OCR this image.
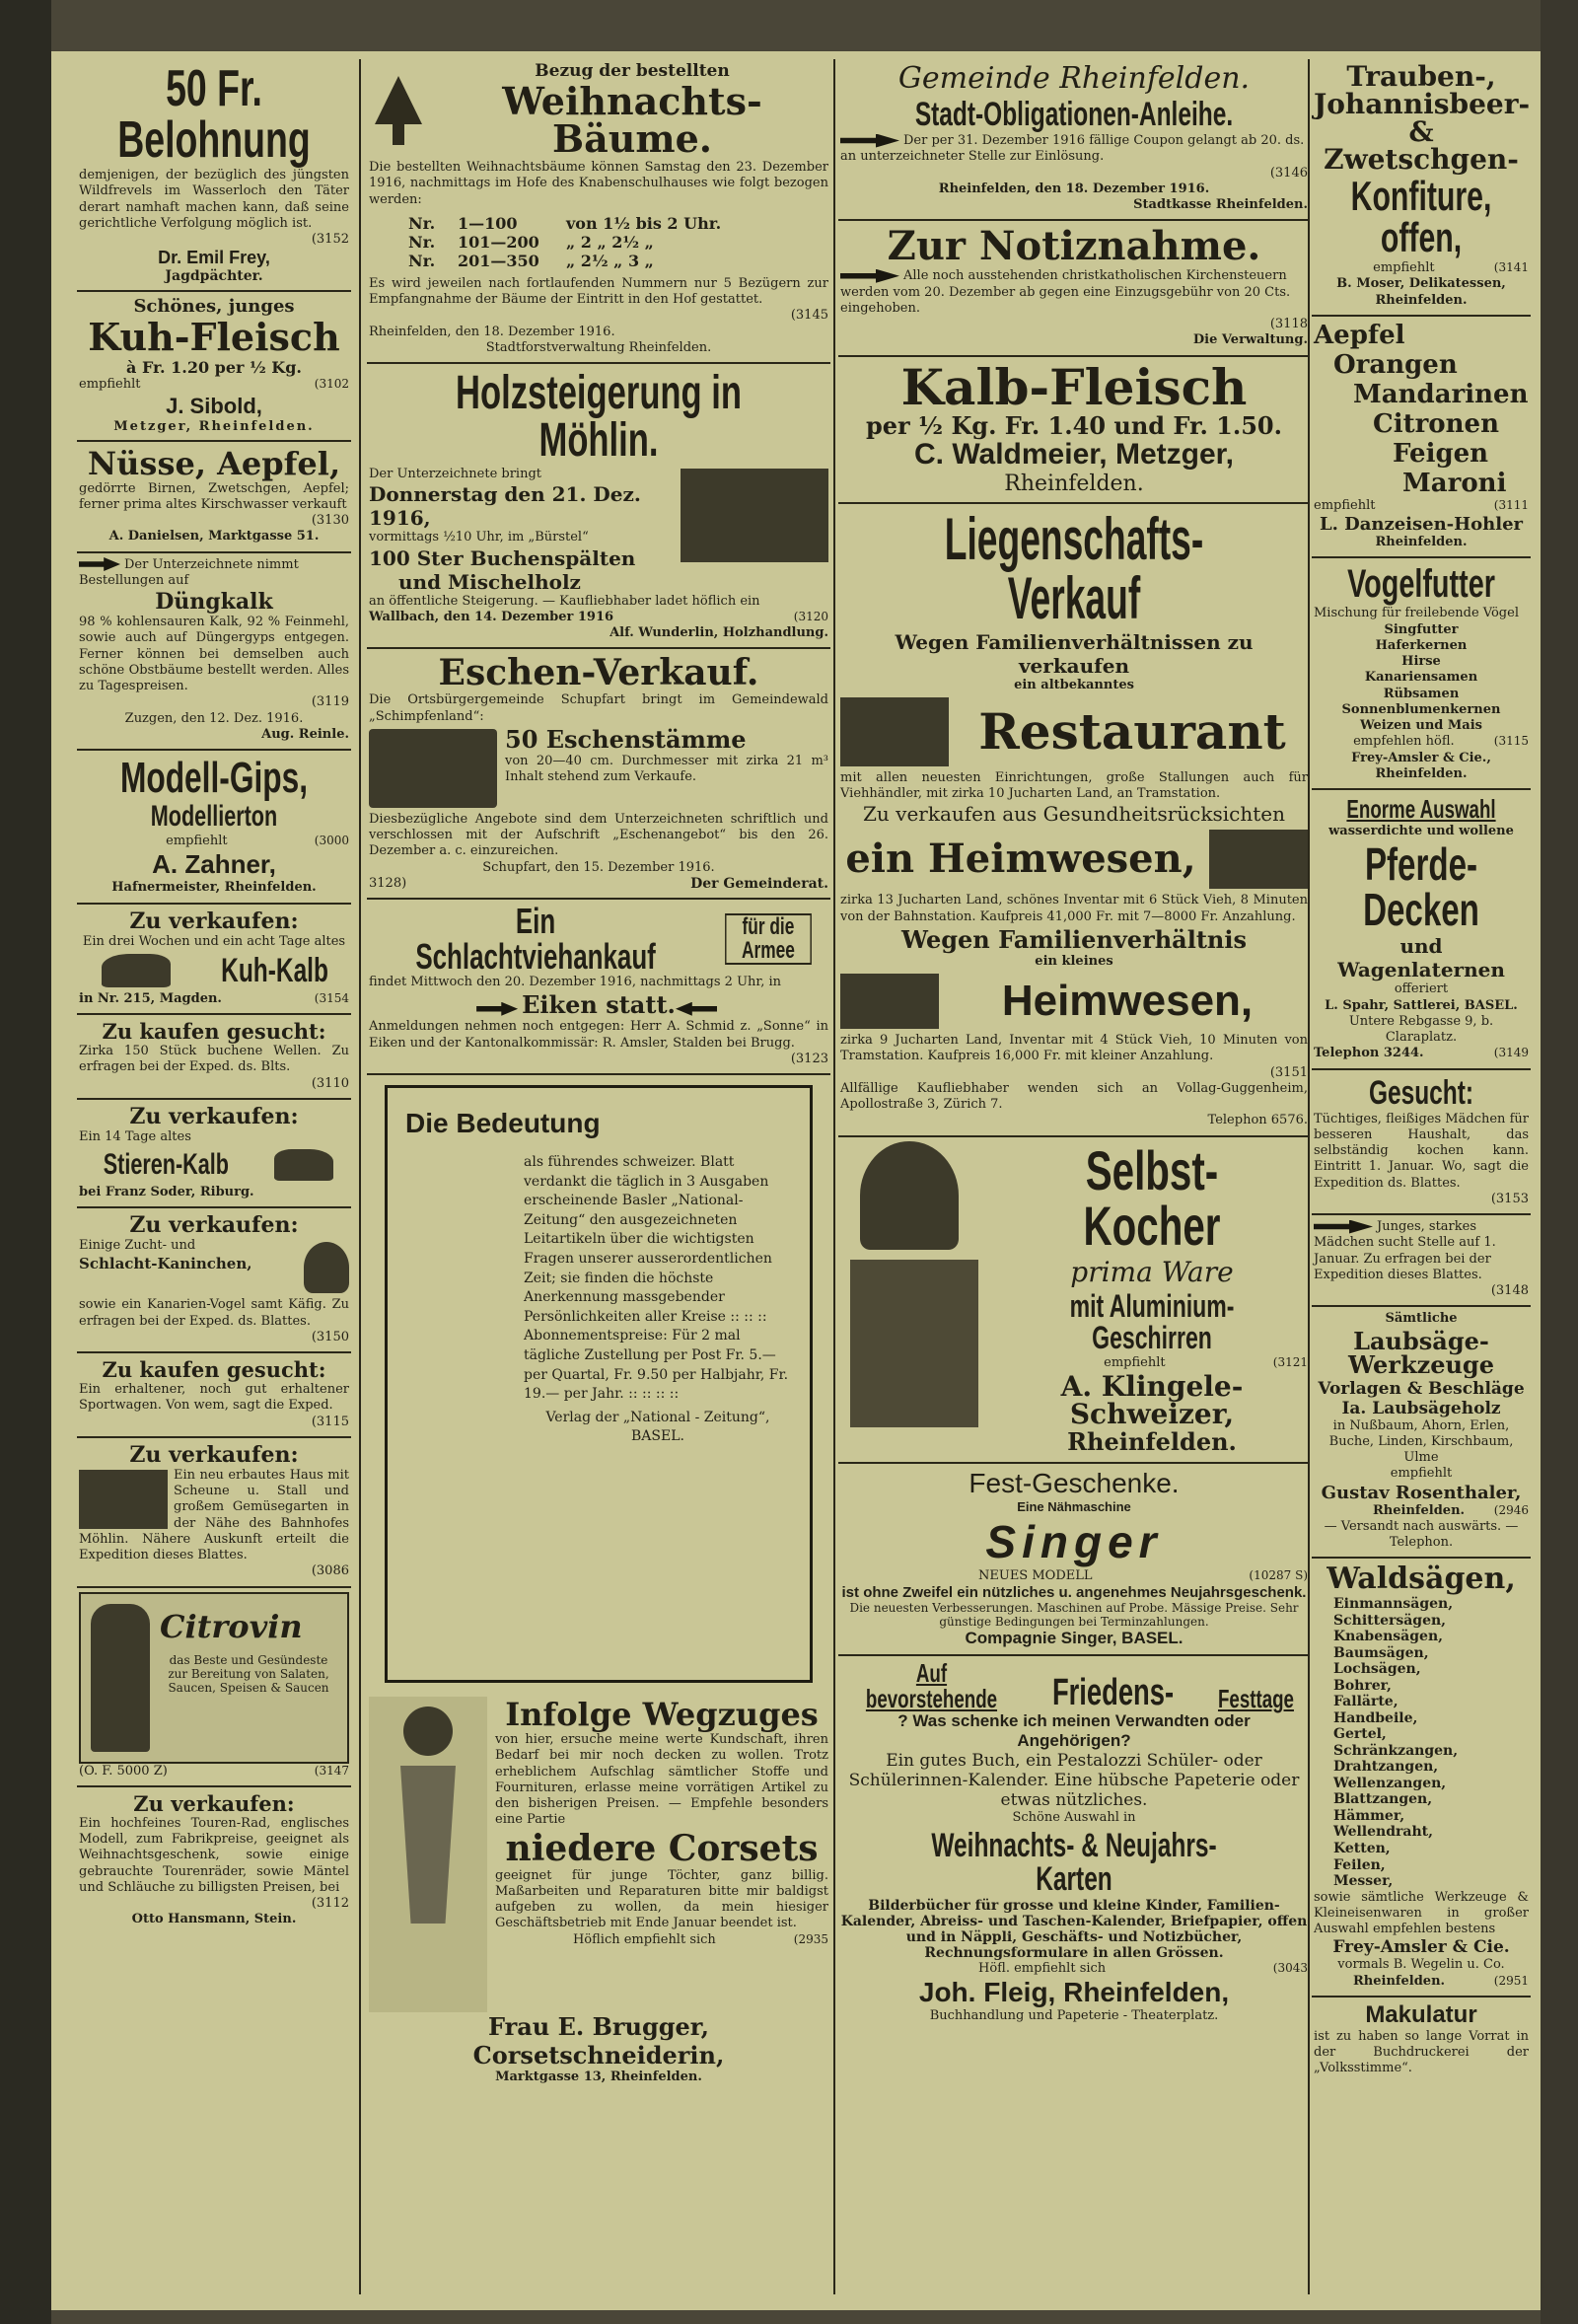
50 Fr. Belohnung

demjenigen, der bezüglich des jüngsten Wildfrevels im Wasserloch den Täter derart namhaft machen kann, daß seine gerichtliche Verfolgung möglich ist.

(3152
Dr. Emil Frey,
Jagdpächter.
Schönes, junges
Kuh-Fleisch
à Fr. 1.20 per ½ Kg.
empfiehlt	(3102
J. Sibold,
Metzger, Rheinfelden.
Nüsse, Aepfel,

gedörrte Birnen, Zwetschgen, Aepfel; ferner prima altes Kirschwasser verkauft

(3130
A. Danielsen, Marktgasse 51.
Der Unterzeichnete nimmt Bestellungen auf
Düngkalk

98 % kohlensauren Kalk, 92 % Feinmehl, sowie auch auf Düngergyps entgegen. Ferner können bei demselben auch schöne Obstbäume bestellt werden. Alles zu Tagespreisen.

(3119
Zuzgen, den 12. Dez. 1916.
Aug. Reinle.
Modell-Gips,
Modellierton
empfiehlt	(3000
A. Zahner,
Hafnermeister, Rheinfelden.
Zu verkaufen:
Ein drei Wochen und ein acht Tage altes
Kuh-Kalb
in Nr. 215, Magden.	(3154
Zu kaufen gesucht:

Zirka 150 Stück buchene Wellen. Zu erfragen bei der Exped. ds. Blts.

(3110
Zu verkaufen:
Ein 14 Tage altes
Stieren-Kalb
bei Franz Soder, Riburg.
Zu verkaufen:
Einige Zucht- und
Schlacht-Kaninchen,

sowie ein Kanarien-Vogel samt Käfig. Zu erfragen bei der Exped. ds. Blattes.

(3150
Zu kaufen gesucht:

Ein erhaltener, noch gut erhaltener Sportwagen. Von wem, sagt die Exped.

(3115
Zu verkaufen:

Ein neu erbautes Haus mit Scheune u. Stall und großem Gemüsegarten in der Nähe des Bahnhofes Möhlin. Nähere Auskunft erteilt die Expedition dieses Blattes.

(3086
Citrovin
das Beste und Gesündeste zur Bereitung von Salaten, Saucen, Speisen & Saucen
(O. F. 5000 Z)	(3147
Zu verkaufen:

Ein hochfeines Touren-Rad, englisches Modell, zum Fabrikpreise, geeignet als Weihnachtsgeschenk, sowie einige gebrauchte Tourenräder, sowie Mäntel und Schläuche zu billigsten Preisen, bei

(3112
Otto Hansmann, Stein.
Bezug der bestellten
Weihnachts-Bäume.

Die bestellten Weihnachtsbäume können Samstag den 23. Dezember 1916, nachmittags im Hofe des Knabenschulhauses wie folgt bezogen werden:

Nr. 1—100	von 1½ bis 2 Uhr.
Nr. 101—200 „ 2 „ 2½ „
Nr. 201—350 „ 2½ „ 3 „

Es wird jeweilen nach fortlaufenden Nummern nur 5 Bezügern zur Empfangnahme der Bäume der Eintritt in den Hof gestattet.

(3145
Rheinfelden, den 18. Dezember 1916.
Stadtforstverwaltung Rheinfelden.
Holzsteigerung in Möhlin.
Der Unterzeichnete bringt
Donnerstag den 21. Dez. 1916,
vormittags ½10 Uhr, im „Bürstel“
100 Ster Buchenspälten
und Mischelholz

an öffentliche Steigerung. — Kaufliebhaber ladet höflich ein

Wallbach, den 14. Dezember 1916	(3120
Alf. Wunderlin, Holzhandlung.
Eschen-Verkauf.

Die Ortsbürgergemeinde Schupfart bringt im Gemeindewald „Schimpfenland“:

50 Eschenstämme

von 20—40 cm. Durchmesser mit zirka 21 m³ Inhalt stehend zum Verkaufe.

Diesbezügliche Angebote sind dem Unterzeichneten schriftlich und verschlossen mit der Aufschrift „Eschenangebot“ bis den 26. Dezember a. c. einzureichen.

Schupfart, den 15. Dezember 1916.
3128)	Der Gemeinderat.
Ein Schlachtviehankauf
für die Armee

findet Mittwoch den 20. Dezember 1916, nachmittags 2 Uhr, in

Eiken statt.

Anmeldungen nehmen noch entgegen: Herr A. Schmid z. „Sonne“ in Eiken und der Kantonalkommissär: R. Amsler, Stalden bei Brugg.

(3123
Die Bedeutung

als führendes schweizer. Blatt verdankt die täglich in 3 Ausgaben erscheinende Basler „National-Zeitung“ den ausgezeichneten Leitartikeln über die wichtigsten Fragen unserer ausserordentlichen Zeit; sie finden die höchste Anerkennung massgebender Persönlichkeiten aller Kreise :: :: ::

Abonnementspreise: Für 2 mal tägliche Zustellung per Post Fr. 5.— per Quartal, Fr. 9.50 per Halbjahr, Fr. 19.— per Jahr. :: :: :: ::

Verlag der „National - Zeitung“, BASEL.

Infolge Wegzuges

von hier, ersuche meine werte Kundschaft, ihren Bedarf bei mir noch decken zu wollen. Trotz erheblichem Aufschlag sämtlicher Stoffe und Fournituren, erlasse meine vorrätigen Artikel zu den bisherigen Preisen. — Empfehle besonders eine Partie

niedere Corsets

geeignet für junge Töchter, ganz billig. Maßarbeiten und Reparaturen bitte mir baldigst aufgeben zu wollen, da mein hiesiger Geschäftsbetrieb mit Ende Januar beendet ist.

Höflich empfiehlt sich	(2935
Frau E. Brugger, Corsetschneiderin,
Marktgasse 13, Rheinfelden.
Gemeinde Rheinfelden.
Stadt-Obligationen-Anleihe.
Der per 31. Dezember 1916 fällige Coupon gelangt ab 20. ds. an unterzeichneter Stelle zur Einlösung.
(3146
Rheinfelden, den 18. Dezember 1916.
Stadtkasse Rheinfelden.
Zur Notiznahme.
Alle noch ausstehenden christkatholischen Kirchensteuern werden vom 20. Dezember ab gegen eine Einzugsgebühr von 20 Cts. eingehoben.
(3118
Die Verwaltung.
Kalb-Fleisch
per ½ Kg. Fr. 1.40 und Fr. 1.50.
C. Waldmeier, Metzger,
Rheinfelden.
Liegenschafts-Verkauf
Wegen Familienverhältnissen zu verkaufen
ein altbekanntes
Restaurant

mit allen neuesten Einrichtungen, große Stallungen auch für Viehhändler, mit zirka 10 Jucharten Land, an Tramstation.

Zu verkaufen aus Gesundheitsrücksichten
ein Heimwesen,

zirka 13 Jucharten Land, schönes Inventar mit 6 Stück Vieh, 8 Minuten von der Bahnstation. Kaufpreis 41,000 Fr. mit 7—8000 Fr. Anzahlung.

Wegen Familienverhältnis
ein kleines
Heimwesen,

zirka 9 Jucharten Land, Inventar mit 4 Stück Vieh, 10 Minuten von Tramstation. Kaufpreis 16,000 Fr. mit kleiner Anzahlung.

(3151

Allfällige Kaufliebhaber wenden sich an Vollag-Guggenheim, Apollostraße 3, Zürich 7.

Telephon 6576.
Selbst-Kocher
prima Ware
mit Aluminium-Geschirren
empfiehlt	(3121
A. Klingele-Schweizer,
Rheinfelden.
Fest-Geschenke.
Eine Nähmaschine
Singer
NEUES MODELL	(10287 S)
ist ohne Zweifel ein nützliches u. angenehmes Neujahrsgeschenk.
Die neuesten Verbesserungen. Maschinen auf Probe. Mässige Preise. Sehr günstige Bedingungen bei Terminzahlungen.
Compagnie Singer, BASEL.
Auf bevorstehende Friedens- Festtage
? Was schenke ich meinen Verwandten oder Angehörigen?
Ein gutes Buch, ein Pestalozzi Schüler- oder Schülerinnen-Kalender. Eine hübsche Papeterie oder etwas nützliches.
Schöne Auswahl in
Weihnachts- & Neujahrs-Karten
Bilderbücher für grosse und kleine Kinder, Familien-Kalender, Abreiss- und Taschen-Kalender, Briefpapier, offen und in Näppli, Geschäfts- und Notizbücher, Rechnungsformulare in allen Grössen.
Höfl. empfiehlt sich	(3043
Joh. Fleig, Rheinfelden,
Buchhandlung und Papeterie - Theaterplatz.
Trauben-, Johannisbeer- & Zwetschgen-
Konfiture, offen,
empfiehlt	(3141
B. Moser, Delikatessen,
Rheinfelden.
Aepfel
Orangen
Mandarinen
Citronen
Feigen
Maroni
empfiehlt	(3111
L. Danzeisen-Hohler
Rheinfelden.
Vogelfutter
Mischung für freilebende Vögel
Singfutter
Haferkernen
Hirse
Kanariensamen
Rübsamen
Sonnenblumenkernen
Weizen und Mais
empfehlen höfl.	(3115
Frey-Amsler & Cie.,
Rheinfelden.
Enorme Auswahl
wasserdichte und wollene
Pferde-Decken
und Wagenlaternen
offeriert
L. Spahr, Sattlerei, BASEL.
Untere Rebgasse 9, b. Claraplatz.
Telephon 3244.	(3149
Gesucht:

Tüchtiges, fleißiges Mädchen für besseren Haushalt, das selbständig kochen kann. Eintritt 1. Januar. Wo, sagt die Expedition ds. Blattes.

(3153
Junges, starkes Mädchen sucht Stelle auf 1. Januar. Zu erfragen bei der Expedition dieses Blattes.
(3148
Sämtliche
Laubsäge-Werkzeuge
Vorlagen & Beschläge
Ia. Laubsägeholz
in Nußbaum, Ahorn, Erlen, Buche, Linden, Kirschbaum, Ulme
empfiehlt
Gustav Rosenthaler,
Rheinfelden. (2946
— Versandt nach auswärts. —
Telephon.
Waldsägen,
Einmannsägen,
Schittersägen,
Knabensägen,
Baumsägen,
Lochsägen,
Bohrer,
Fallärte,
Handbeile,
Gertel,
Schränkzangen,
Drahtzangen,
Wellenzangen,
Blattzangen,
Hämmer,
Wellendraht,
Ketten,
Feilen,
Messer,

sowie sämtliche Werkzeuge & Kleineisenwaren in großer Auswahl empfehlen bestens

Frey-Amsler & Cie.
vormals B. Wegelin u. Co.
Rheinfelden.	(2951
Makulatur

ist zu haben so lange Vorrat in der Buchdruckerei der „Volksstimme“.
